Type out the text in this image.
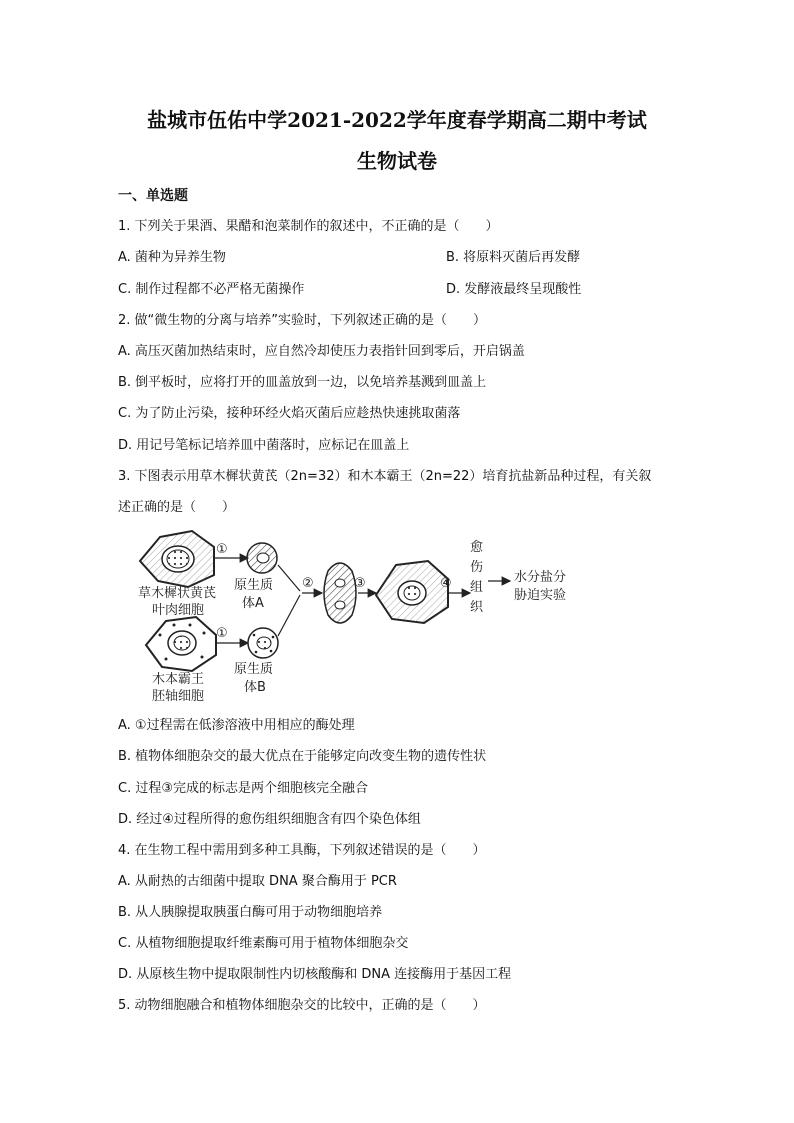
盐城市伍佑中学2021-2022学年度春学期高二期中考试
生物试卷
一、单选题
1. 下列关于果酒、果醋和泡菜制作的叙述中，不正确的是（　　）
A. 菌种为异养生物	B. 将原料灭菌后再发酵
C. 制作过程都不必严格无菌操作	D. 发酵液最终呈现酸性
2. 做“微生物的分离与培养”实验时，下列叙述正确的是（　　）
A. 高压灭菌加热结束时，应自然冷却使压力表指针回到零后，开启锅盖
B. 倒平板时，应将打开的皿盖放到一边，以免培养基溅到皿盖上
C. 为了防止污染，接种环经火焰灭菌后应趁热快速挑取菌落
D. 用记号笔标记培养皿中菌落时，应标记在皿盖上
3. 下图表示用草木樨状黄芪（2n=32）和木本霸王（2n=22）培育抗盐新品种过程，有关叙
述正确的是（　　）
草木樨状黄芪
叶肉细胞
①
原生质
体A
木本霸王
胚轴细胞
①
原生质
体B
②	③	④
愈
伤
组
织
水分盐分
胁迫实验
A. ①过程需在低渗溶液中用相应的酶处理
B. 植物体细胞杂交的最大优点在于能够定向改变生物的遗传性状
C. 过程③完成的标志是两个细胞核完全融合
D. 经过④过程所得的愈伤组织细胞含有四个染色体组
4. 在生物工程中需用到多种工具酶，下列叙述错误的是（　　）
A. 从耐热的古细菌中提取 DNA 聚合酶用于 PCR
B. 从人胰腺提取胰蛋白酶可用于动物细胞培养
C. 从植物细胞提取纤维素酶可用于植物体细胞杂交
D. 从原核生物中提取限制性内切核酸酶和 DNA 连接酶用于基因工程
5. 动物细胞融合和植物体细胞杂交的比较中，正确的是（　　）
